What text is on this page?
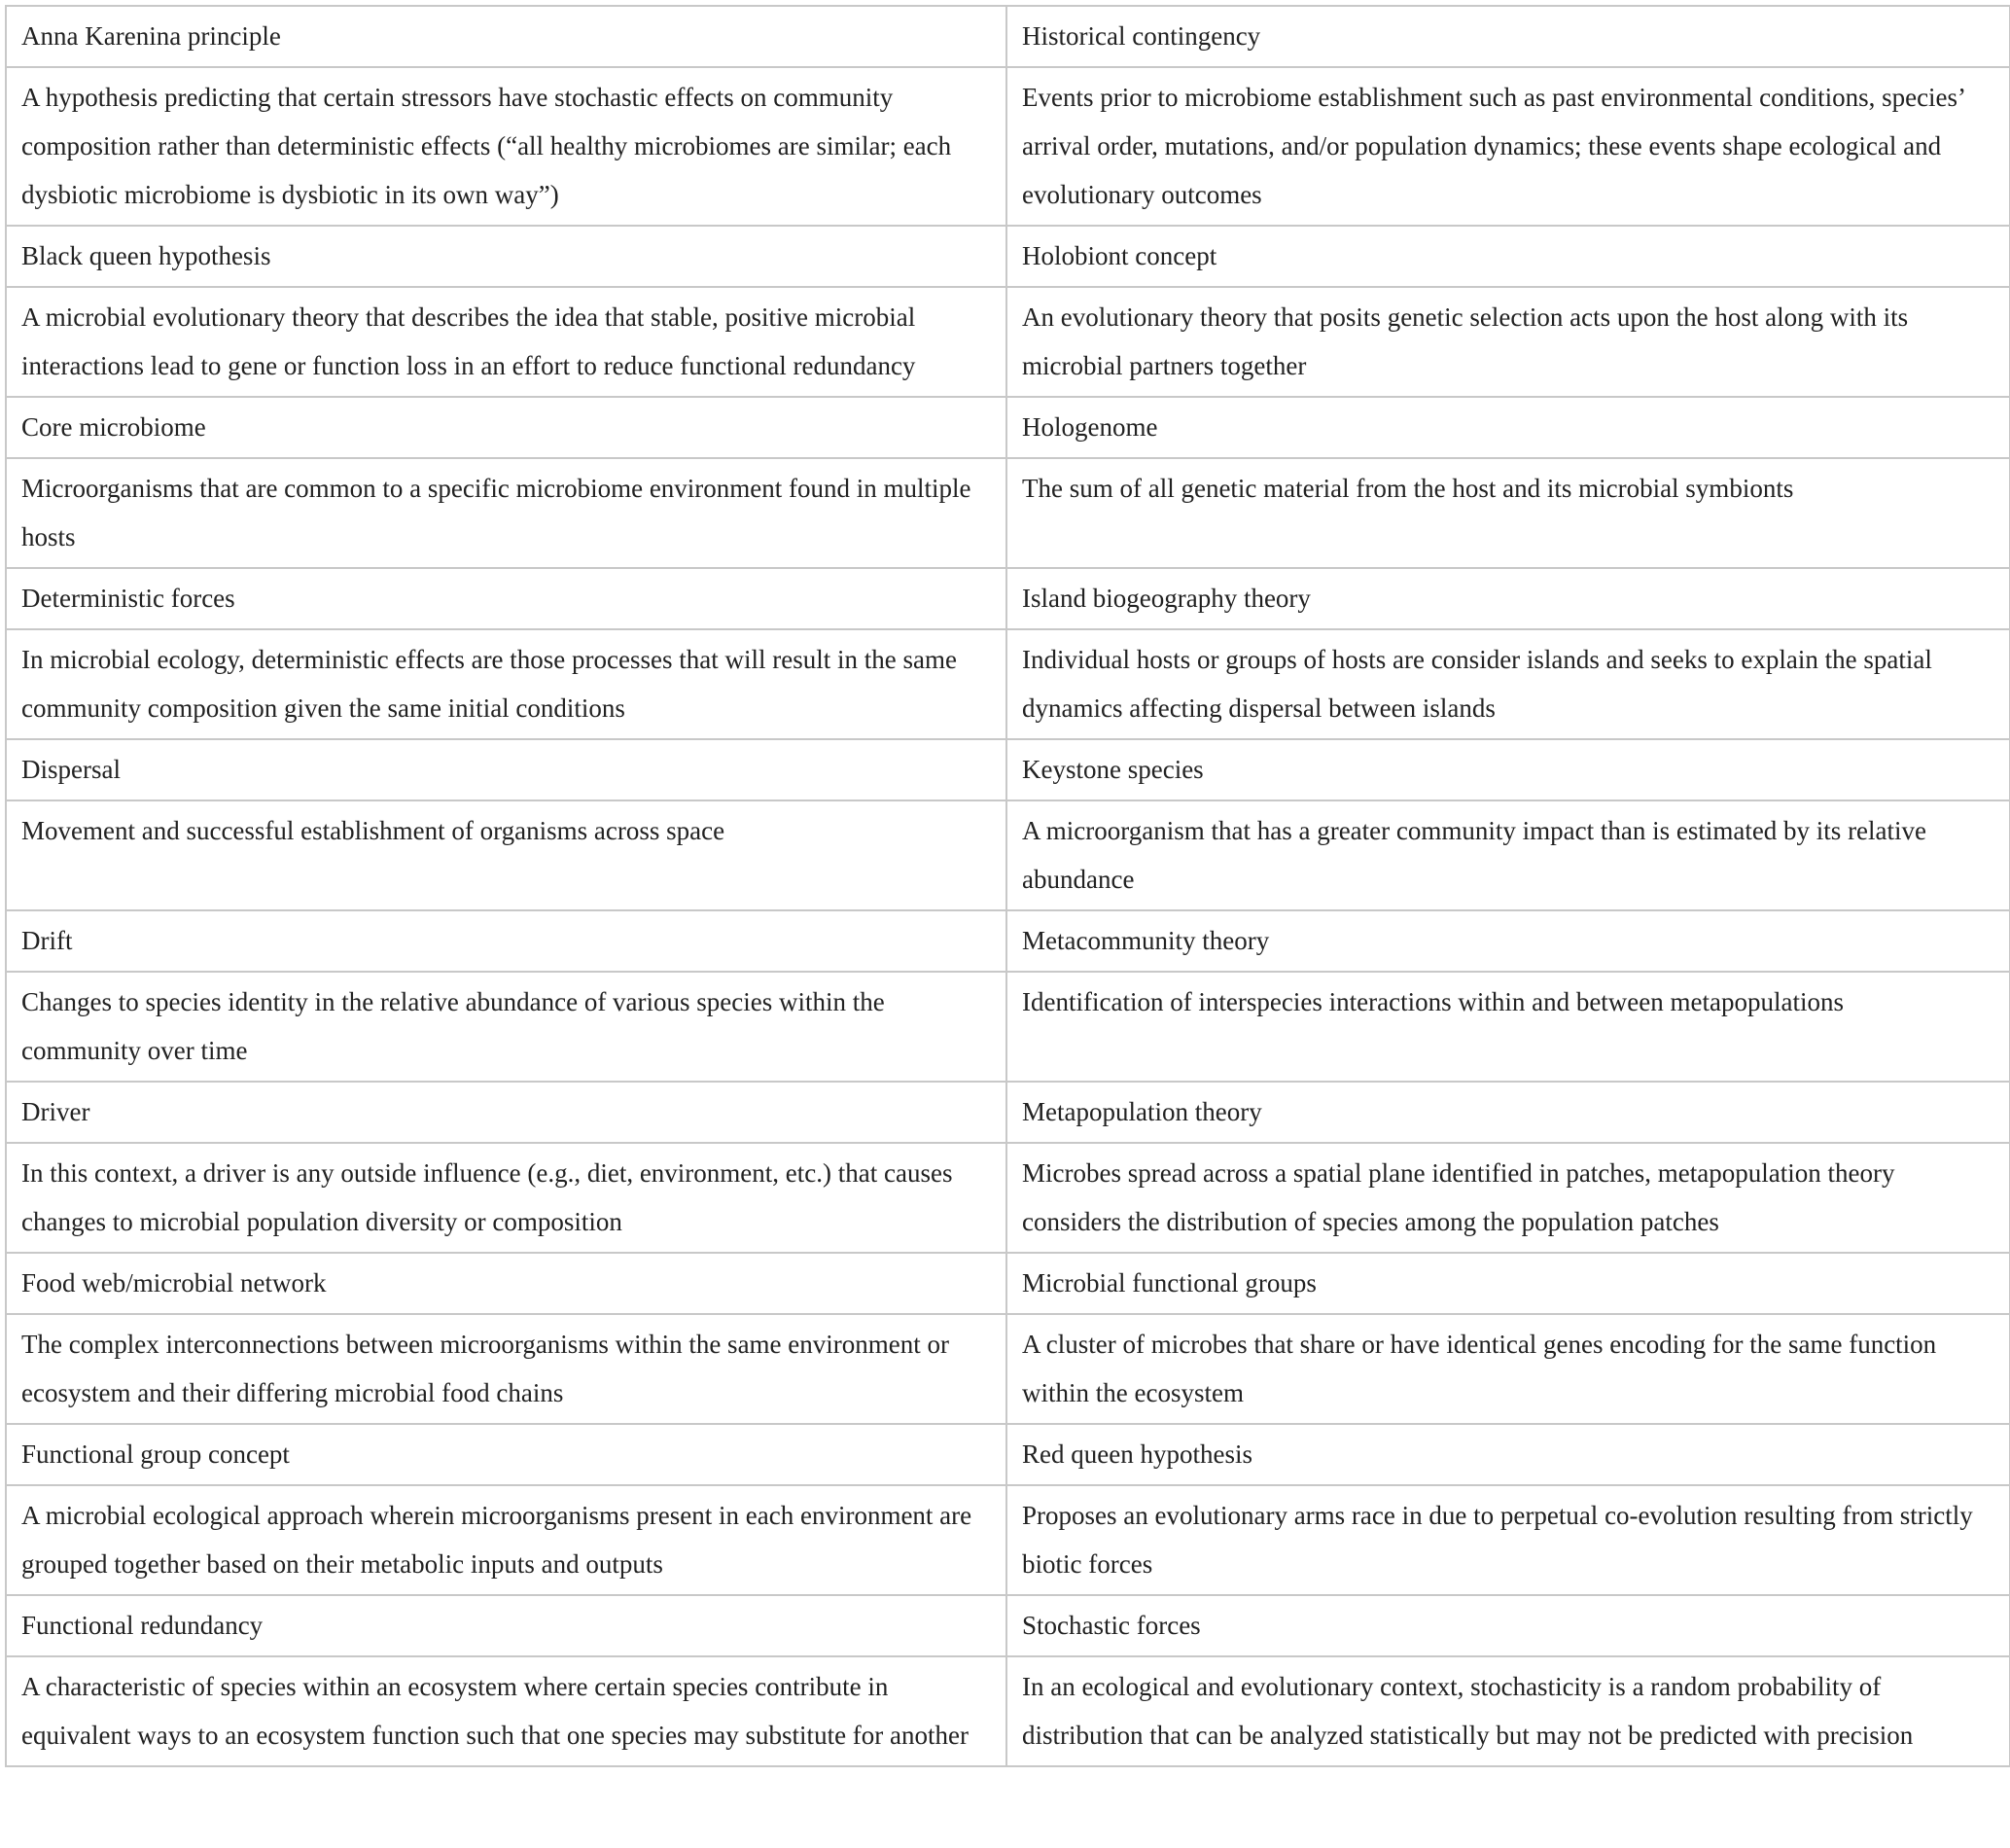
Anna Karenina principle	Historical contingency
A hypothesis predicting that certain stressors have stochastic effects on community composition rather than deterministic effects (“all healthy microbiomes are similar; each dysbiotic microbiome is dysbiotic in its own way”)	Events prior to microbiome establishment such as past environmental conditions, species’ arrival order, mutations, and/or population dynamics; these events shape ecological and evolutionary outcomes
Black queen hypothesis	Holobiont concept
A microbial evolutionary theory that describes the idea that stable, positive microbial interactions lead to gene or function loss in an effort to reduce functional redundancy	An evolutionary theory that posits genetic selection acts upon the host along with its microbial partners together
Core microbiome	Hologenome
Microorganisms that are common to a specific microbiome environment found in multiple hosts	The sum of all genetic material from the host and its microbial symbionts
Deterministic forces	Island biogeography theory
In microbial ecology, deterministic effects are those processes that will result in the same community composition given the same initial conditions	Individual hosts or groups of hosts are consider islands and seeks to explain the spatial dynamics affecting dispersal between islands
Dispersal	Keystone species
Movement and successful establishment of organisms across space	A microorganism that has a greater community impact than is estimated by its relative abundance
Drift	Metacommunity theory
Changes to species identity in the relative abundance of various species within the community over time	Identification of interspecies interactions within and between metapopulations
Driver	Metapopulation theory
In this context, a driver is any outside influence (e.g., diet, environment, etc.) that causes changes to microbial population diversity or composition	Microbes spread across a spatial plane identified in patches, metapopulation theory considers the distribution of species among the population patches
Food web/microbial network	Microbial functional groups
The complex interconnections between microorganisms within the same environment or ecosystem and their differing microbial food chains	A cluster of microbes that share or have identical genes encoding for the same function within the ecosystem
Functional group concept	Red queen hypothesis
A microbial ecological approach wherein microorganisms present in each environment are grouped together based on their metabolic inputs and outputs	Proposes an evolutionary arms race in due to perpetual co-evolution resulting from strictly biotic forces
Functional redundancy	Stochastic forces
A characteristic of species within an ecosystem where certain species contribute in equivalent ways to an ecosystem function such that one species may substitute for another	In an ecological and evolutionary context, stochasticity is a random probability of distribution that can be analyzed statistically but may not be predicted with precision
